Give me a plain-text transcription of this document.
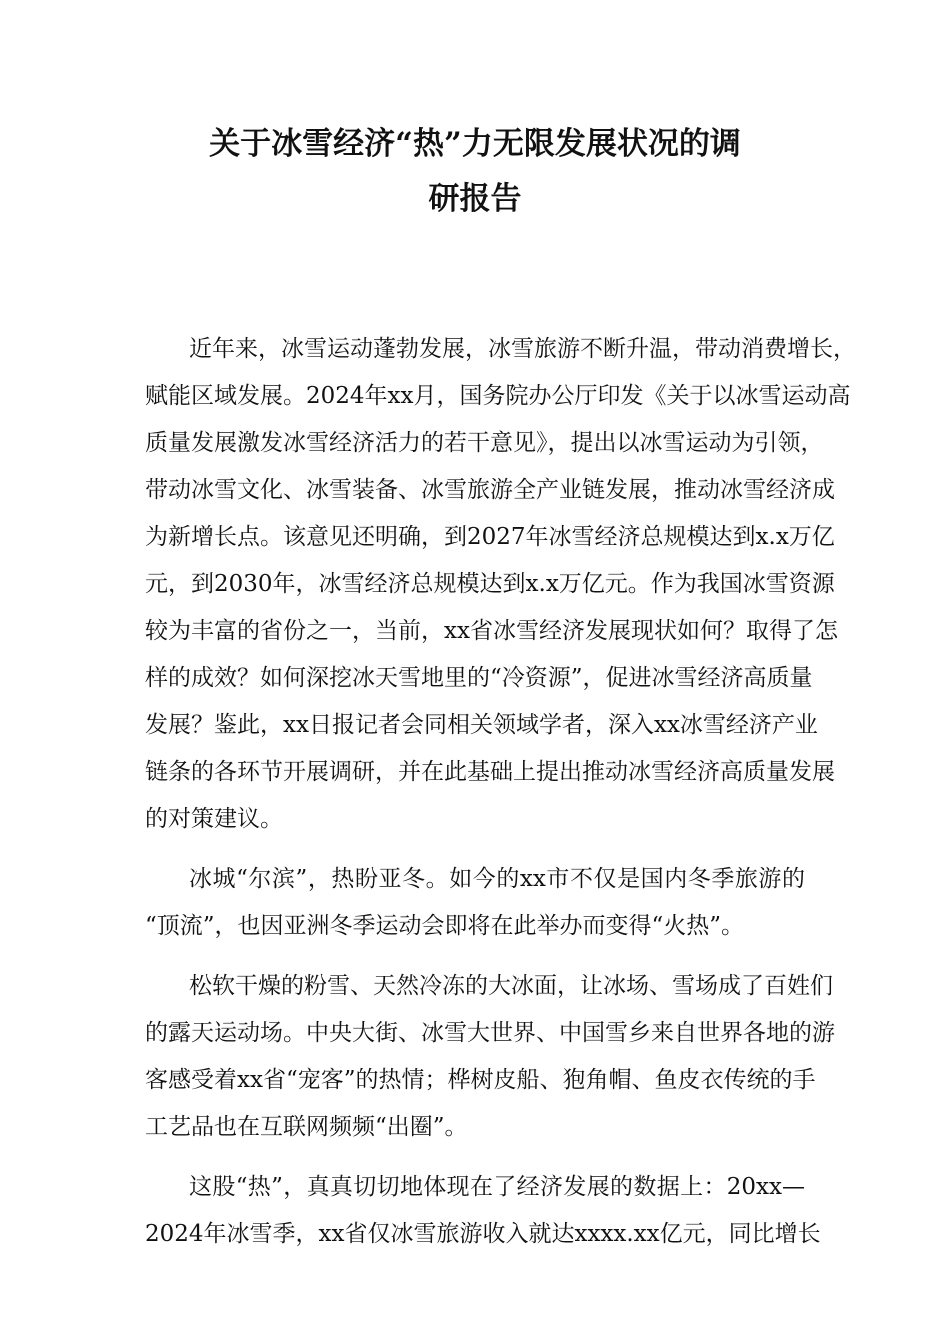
关于冰雪经济“热”力无限发展状况的调
研报告
近年来，冰雪运动蓬勃发展，冰雪旅游不断升温，带动消费增长，
赋能区域发展。2024年xx月，国务院办公厅印发《关于以冰雪运动高
质量发展激发冰雪经济活力的若干意见》，提出以冰雪运动为引领，
带动冰雪文化、冰雪装备、冰雪旅游全产业链发展，推动冰雪经济成
为新增长点。该意见还明确，到2027年冰雪经济总规模达到x.x万亿
元，到2030年，冰雪经济总规模达到x.x万亿元。作为我国冰雪资源
较为丰富的省份之一，当前，xx省冰雪经济发展现状如何？取得了怎
样的成效？如何深挖冰天雪地里的“冷资源”，促进冰雪经济高质量
发展？鉴此，xx日报记者会同相关领域学者，深入xx冰雪经济产业
链条的各环节开展调研，并在此基础上提出推动冰雪经济高质量发展
的对策建议。
冰城“尔滨”，热盼亚冬。如今的xx市不仅是国内冬季旅游的
“顶流”，也因亚洲冬季运动会即将在此举办而变得“火热”。
松软干燥的粉雪、天然冷冻的大冰面，让冰场、雪场成了百姓们
的露天运动场。中央大街、冰雪大世界、中国雪乡来自世界各地的游
客感受着xx省“宠客”的热情；桦树皮船、狍角帽、鱼皮衣传统的手
工艺品也在互联网频频“出圈”。
这股“热”，真真切切地体现在了经济发展的数据上：20xx—
2024年冰雪季，xx省仅冰雪旅游收入就达xxxx.xx亿元，同比增长
